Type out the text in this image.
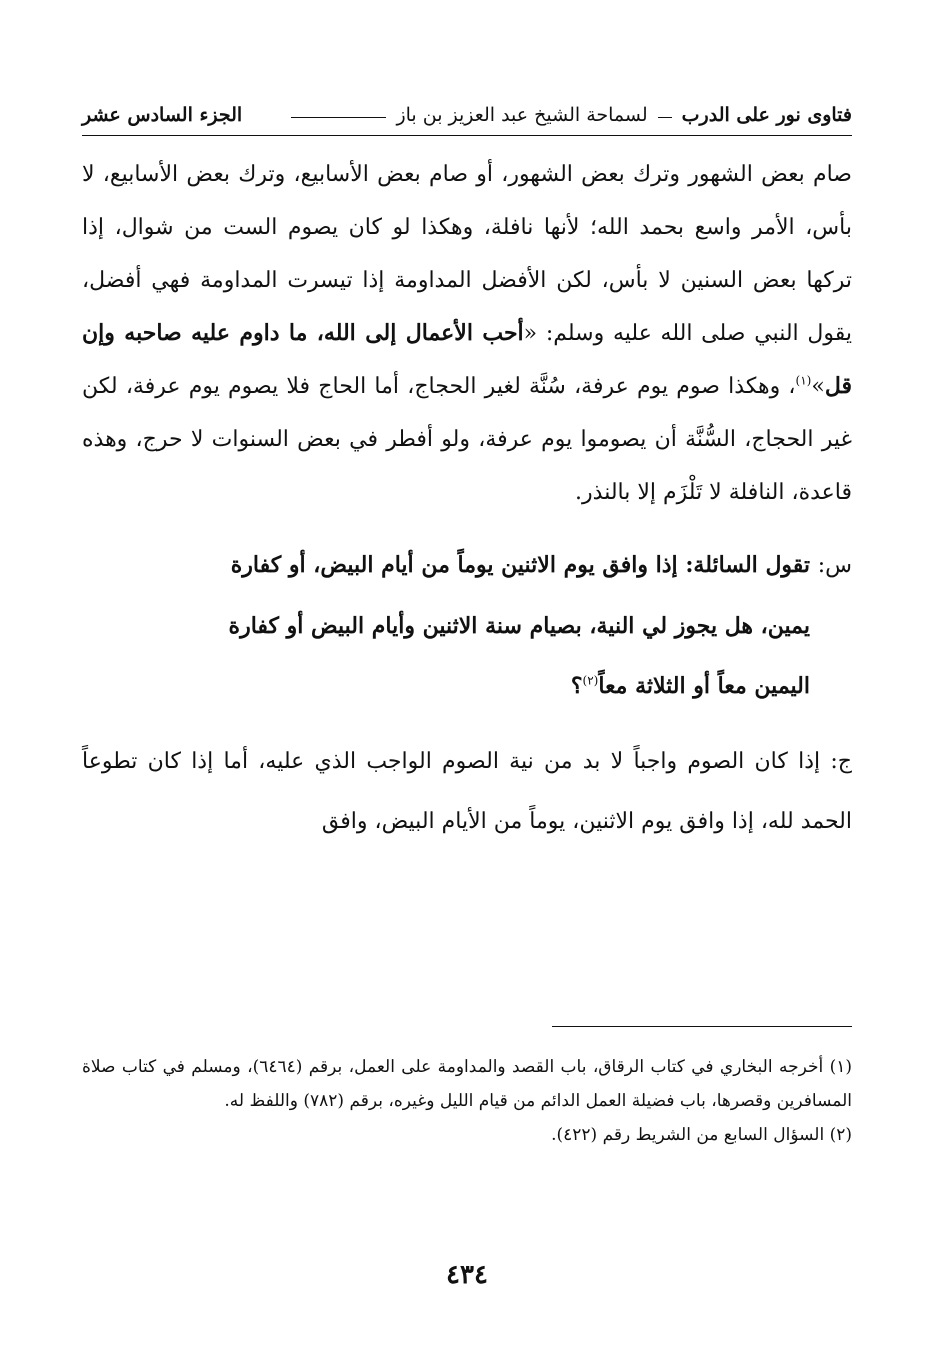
فتاوى نور على الدرب
لسماحة الشيخ عبد العزيز بن باز
الجزء السادس عشر

صام بعض الشهور وترك بعض الشهور، أو صام بعض الأسابيع، وترك بعض الأسابيع، لا بأس، الأمر واسع بحمد الله؛ لأنها نافلة، وهكذا لو كان يصوم الست من شوال، إذا تركها بعض السنين لا بأس، لكن الأفضل المداومة إذا تيسرت المداومة فهي أفضل، يقول النبي صلى الله عليه وسلم: «أحب الأعمال إلى الله، ما داوم عليه صاحبه وإن قل»$^{(١)}$، وهكذا صوم يوم عرفة، سُنَّة لغير الحجاج، أما الحاج فلا يصوم يوم عرفة، لكن غير الحجاج، السُّنَّة أن يصوموا يوم عرفة، ولو أفطر في بعض السنوات لا حرج، وهذه قاعدة، النافلة لا تَلْزَم إلا بالنذر.

س: تقول السائلة: إذا وافق يوم الاثنين يوماً من أيام البيض، أو كفارة
يمين، هل يجوز لي النية، بصيام سنة الاثنين وأيام البيض أو كفارة
اليمين معاً أو الثلاثة معاً$^{(٢)}$؟

ج: إذا كان الصوم واجباً لا بد من نية الصوم الواجب الذي عليه، أما إذا كان تطوعاً الحمد لله، إذا وافق يوم الاثنين، يوماً من الأيام البيض، وافق

(١) أخرجه البخاري في كتاب الرقاق، باب القصد والمداومة على العمل، برقم (٦٤٦٤)، ومسلم في كتاب صلاة المسافرين وقصرها، باب فضيلة العمل الدائم من قيام الليل وغيره، برقم (٧٨٢) واللفظ له.

(٢) السؤال السابع من الشريط رقم (٤٢٢).

٤٣٤
